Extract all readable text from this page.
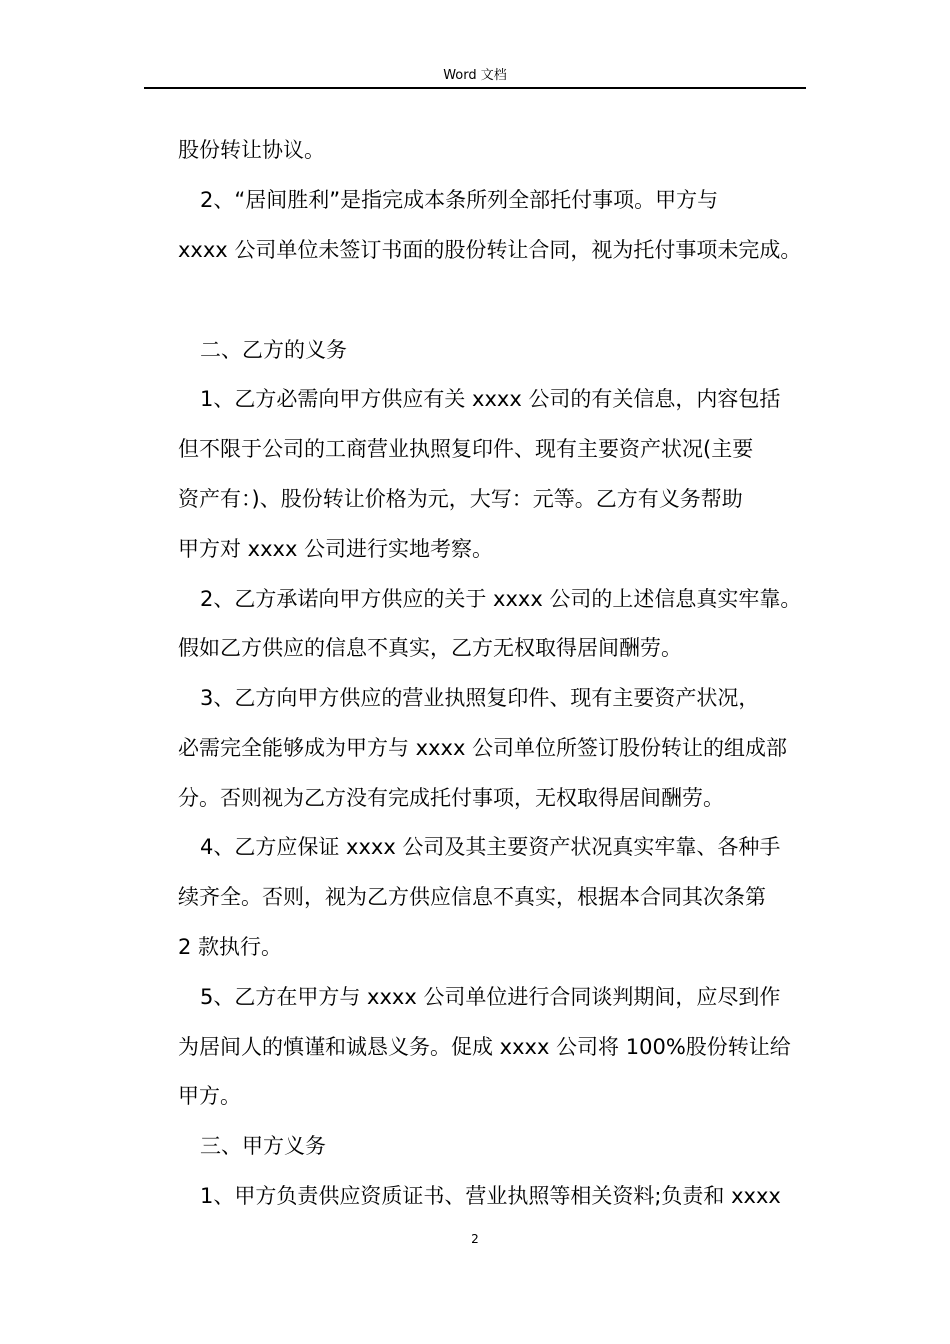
Word 文档
股份转让协议。
2、“居间胜利”是指完成本条所列全部托付事项。甲方与
xxxx 公司单位未签订书面的股份转让合同，视为托付事项未完成。
二、乙方的义务
1、乙方必需向甲方供应有关 xxxx 公司的有关信息，内容包括
但不限于公司的工商营业执照复印件、现有主要资产状况(主要
资产有：)、股份转让价格为元，大写：元等。乙方有义务帮助
甲方对 xxxx 公司进行实地考察。
2、乙方承诺向甲方供应的关于 xxxx 公司的上述信息真实牢靠。
假如乙方供应的信息不真实，乙方无权取得居间酬劳。
3、乙方向甲方供应的营业执照复印件、现有主要资产状况，
必需完全能够成为甲方与 xxxx 公司单位所签订股份转让的组成部
分。否则视为乙方没有完成托付事项，无权取得居间酬劳。
4、乙方应保证 xxxx 公司及其主要资产状况真实牢靠、各种手
续齐全。否则，视为乙方供应信息不真实，根据本合同其次条第
2 款执行。
5、乙方在甲方与 xxxx 公司单位进行合同谈判期间，应尽到作
为居间人的慎谨和诚恳义务。促成 xxxx 公司将 100%股份转让给
甲方。
三、甲方义务
1、甲方负责供应资质证书、营业执照等相关资料;负责和 xxxx
2
